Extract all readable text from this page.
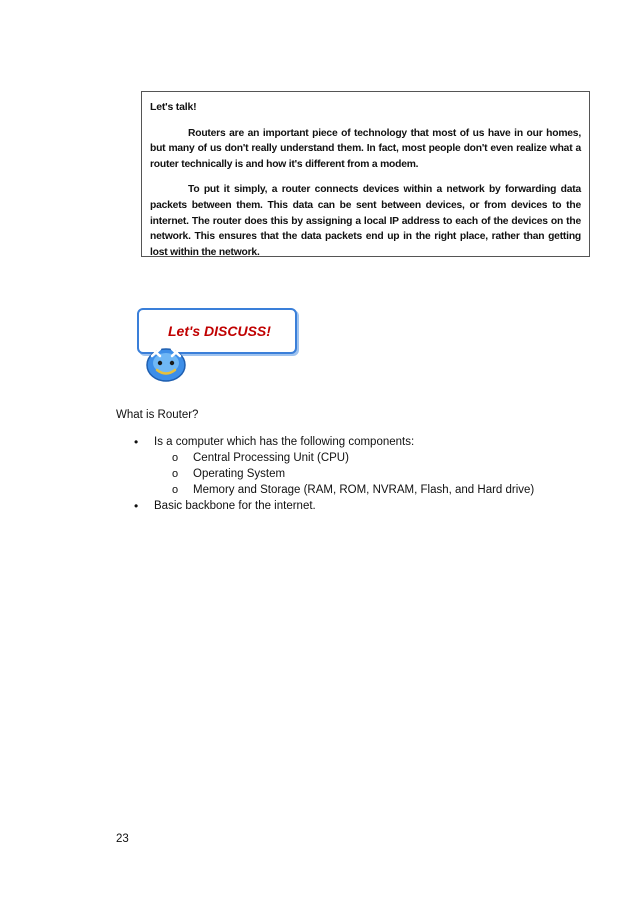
Let's talk!

Routers are an important piece of technology that most of us have in our homes, but many of us don't really understand them. In fact, most people don't even realize what a router technically is and how it's different from a modem.

To put it simply, a router connects devices within a network by forwarding data packets between them. This data can be sent between devices, or from devices to the internet. The router does this by assigning a local IP address to each of the devices on the network. This ensures that the data packets end up in the right place, rather than getting lost within the network.

Let's DISCUSS!

What is Router?

• Is a computer which has the following components:
o Central Processing Unit (CPU)
o Operating System
o Memory and Storage (RAM, ROM, NVRAM, Flash, and Hard drive)
• Basic backbone for the internet.

23
